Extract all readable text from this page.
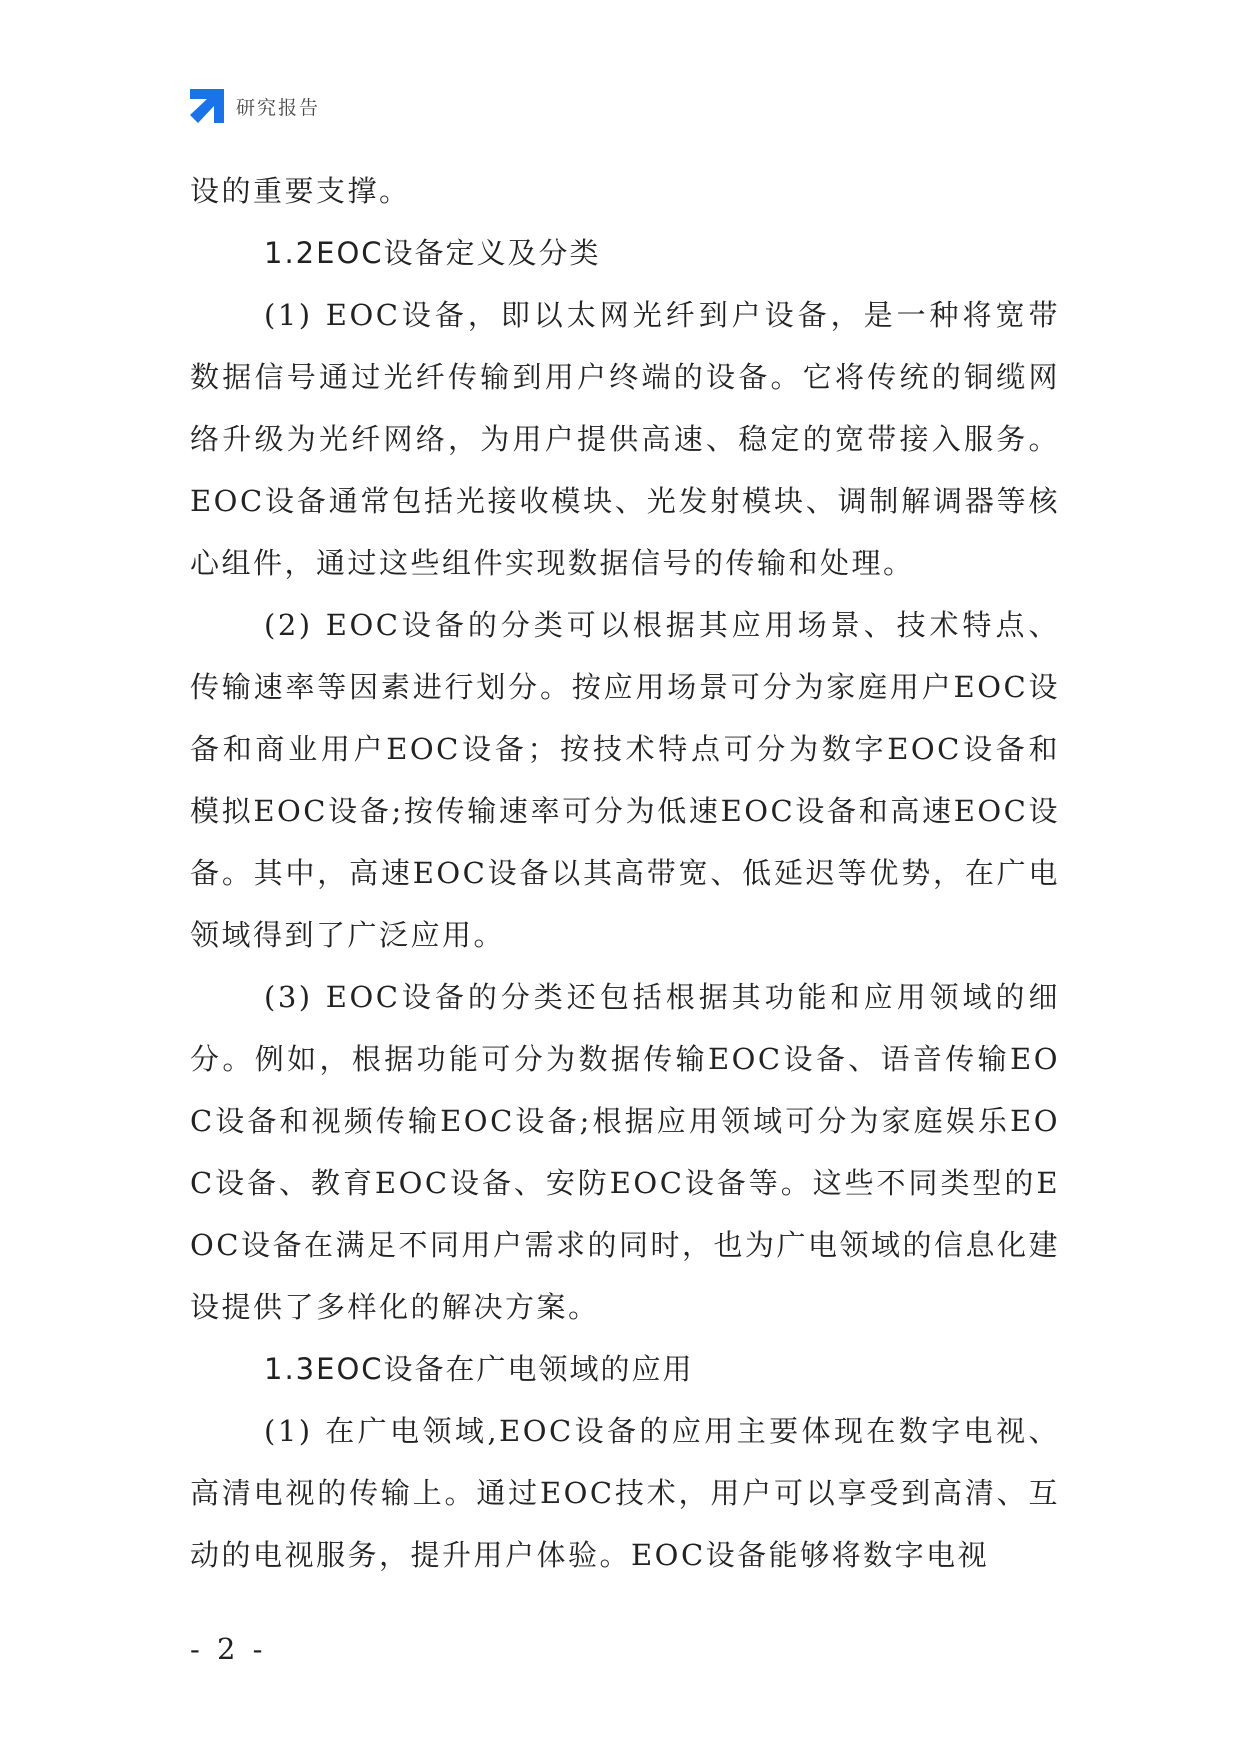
研究报告

设的重要支撑。

1.2EOC设备定义及分类

(1) EOC设备，即以太网光纤到户设备，是一种将宽带数据信号通过光纤传输到用户终端的设备。它将传统的铜缆网络升级为光纤网络，为用户提供高速、稳定的宽带接入服务。EOC设备通常包括光接收模块、光发射模块、调制解调器等核心组件，通过这些组件实现数据信号的传输和处理。

(2) EOC设备的分类可以根据其应用场景、技术特点、传输速率等因素进行划分。按应用场景可分为家庭用户EOC设备和商业用户EOC设备；按技术特点可分为数字EOC设备和模拟EOC设备;按传输速率可分为低速EOC设备和高速EOC设备。其中，高速EOC设备以其高带宽、低延迟等优势，在广电领域得到了广泛应用。

(3) EOC设备的分类还包括根据其功能和应用领域的细分。例如，根据功能可分为数据传输EOC设备、语音传输EOC设备和视频传输EOC设备;根据应用领域可分为家庭娱乐EOC设备、教育EOC设备、安防EOC设备等。这些不同类型的EOC设备在满足不同用户需求的同时，也为广电领域的信息化建设提供了多样化的解决方案。

1.3EOC设备在广电领域的应用

(1) 在广电领域,EOC设备的应用主要体现在数字电视、高清电视的传输上。通过EOC技术，用户可以享受到高清、互动的电视服务，提升用户体验。EOC设备能够将数字电视

- 2 -
